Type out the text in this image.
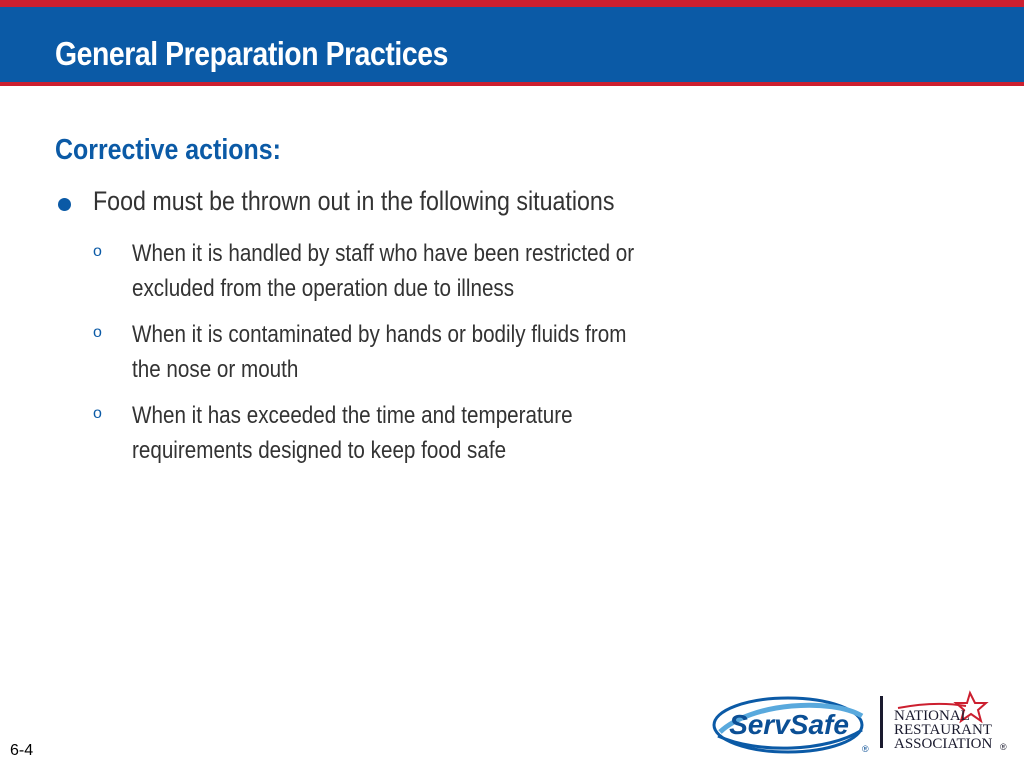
General Preparation Practices
Corrective actions:
Food must be thrown out in the following situations
o When it is handled by staff who have been restricted or
excluded from the operation due to illness
o When it is contaminated by hands or bodily fluids from
the nose or mouth
o When it has exceeded the time and temperature
requirements designed to keep food safe
6-4
ServSafe
®
NATIONAL
RESTAURANT
ASSOCIATION ®
